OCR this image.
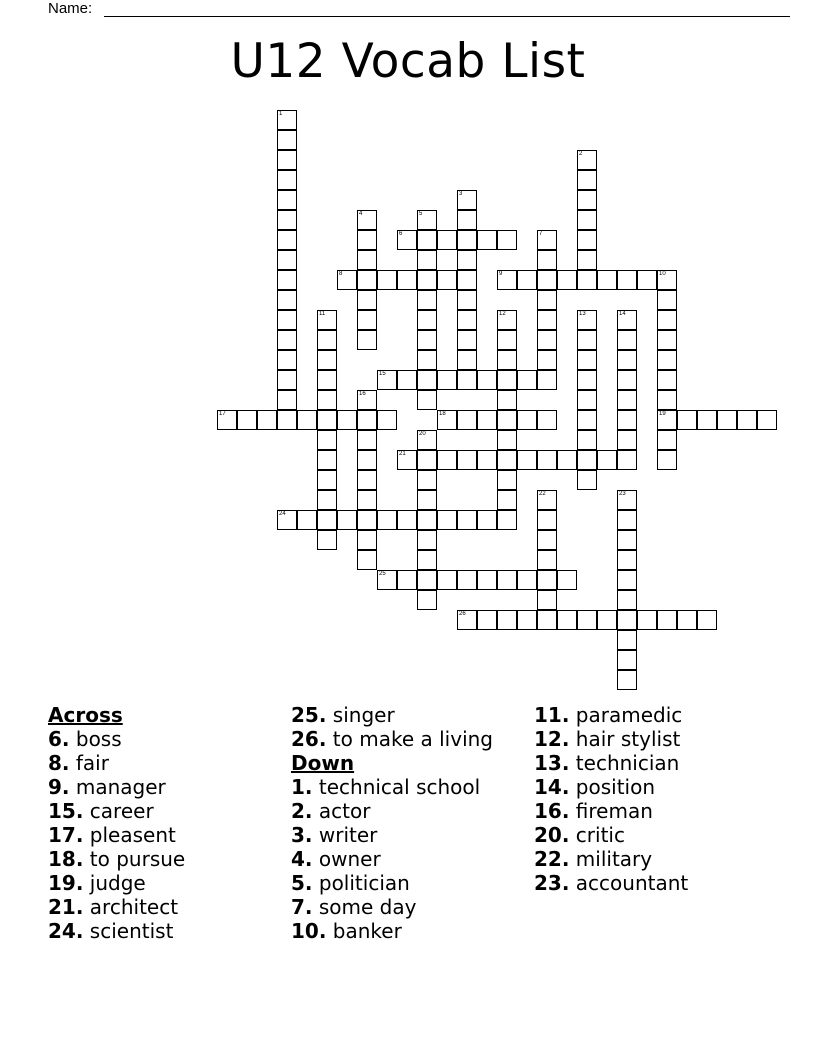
Name:
U12 Vocab List
1
2
3
4	5
6	7
8	9	10
19
11	12	13	14
15
16
17	18
20
21
22	23
24
25
26
Across
6. boss
8. fair
9. manager
15. career
17. pleasent
18. to pursue
19. judge
21. architect
24. scientist
25. singer
26. to make a living
Down
1. technical school
2. actor
3. writer
4. owner
5. politician
7. some day
10. banker
11. paramedic
12. hair stylist
13. technician
14. position
16. fireman
20. critic
22. military
23. accountant
